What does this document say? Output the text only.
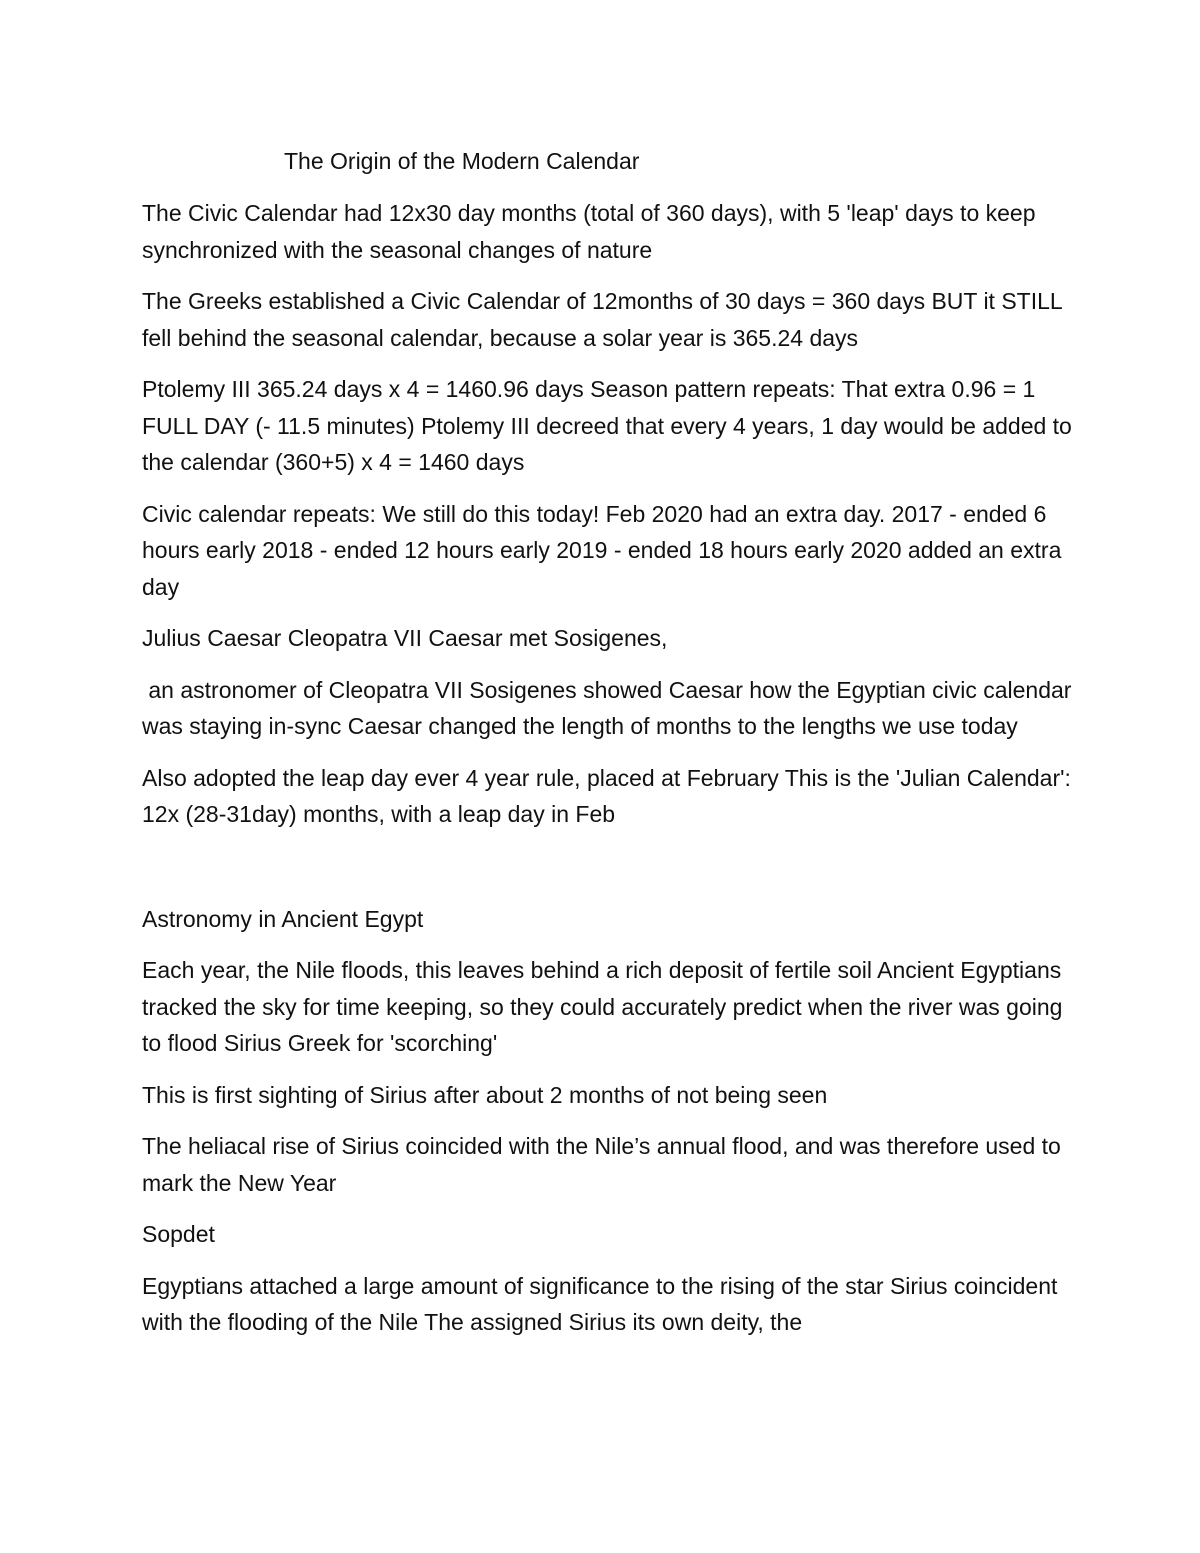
The Origin of the Modern Calendar

The Civic Calendar had 12x30 day months (total of 360 days), with 5 'leap' days to keep synchronized with the seasonal changes of nature

The Greeks established a Civic Calendar of 12months of 30 days = 360 days BUT it STILL fell behind the seasonal calendar, because a solar year is 365.24 days

Ptolemy III 365.24 days x 4 = 1460.96 days Season pattern repeats: That extra 0.96 = 1 FULL DAY (- 11.5 minutes) Ptolemy III decreed that every 4 years, 1 day would be added to the calendar (360+5) x 4 = 1460 days

Civic calendar repeats: We still do this today! Feb 2020 had an extra day. 2017 - ended 6 hours early 2018 - ended 12 hours early 2019 - ended 18 hours early 2020 added an extra day

Julius Caesar Cleopatra VII Caesar met Sosigenes,

an astronomer of Cleopatra VII Sosigenes showed Caesar how the Egyptian civic calendar was staying in-sync Caesar changed the length of months to the lengths we use today

Also adopted the leap day ever 4 year rule, placed at February This is the 'Julian Calendar': 12x (28-31day) months, with a leap day in Feb

Astronomy in Ancient Egypt

Each year, the Nile floods, this leaves behind a rich deposit of fertile soil Ancient Egyptians tracked the sky for time keeping, so they could accurately predict when the river was going to flood Sirius Greek for 'scorching'

This is first sighting of Sirius after about 2 months of not being seen

The heliacal rise of Sirius coincided with the Nile’s annual flood, and was therefore used to mark the New Year

Sopdet

Egyptians attached a large amount of significance to the rising of the star Sirius coincident with the flooding of the Nile The assigned Sirius its own deity, the
